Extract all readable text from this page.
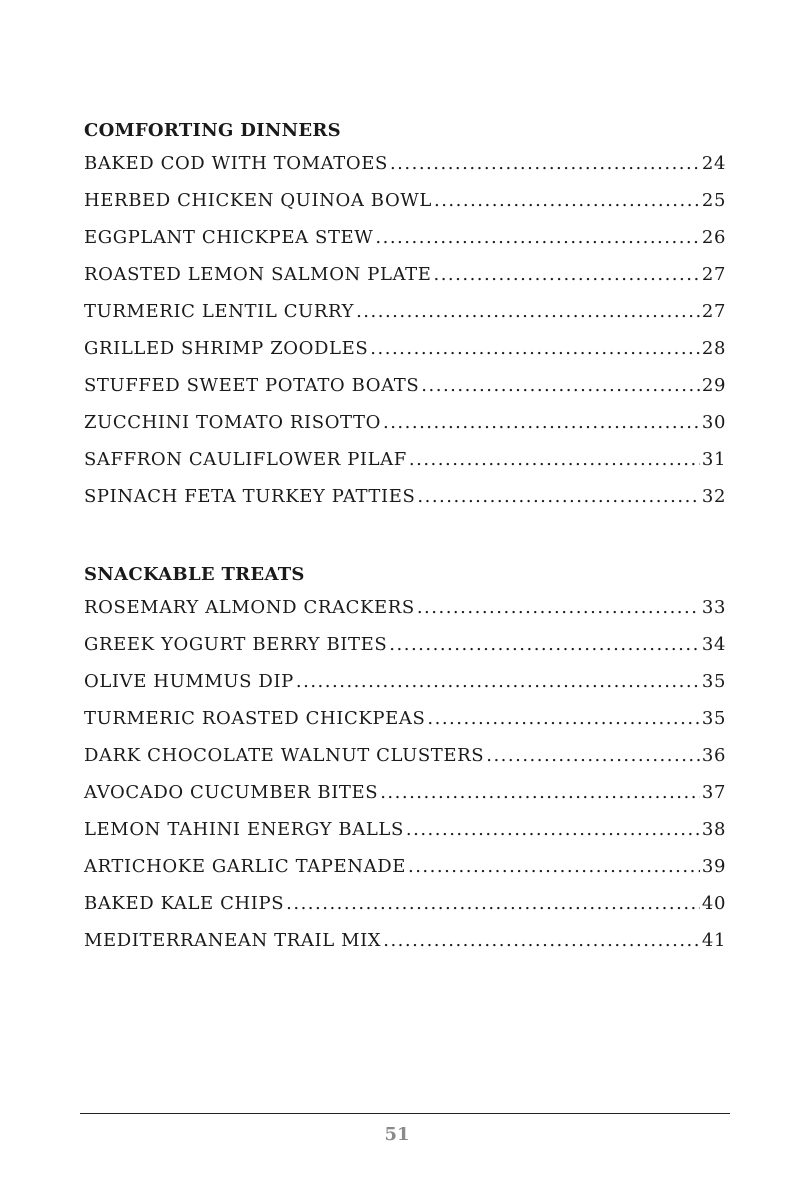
COMFORTING DINNERS
BAKED COD WITH TOMATOES .....	24
HERBED CHICKEN QUINOA BOWL .....	25
EGGPLANT CHICKPEA STEW .....	26
ROASTED LEMON SALMON PLATE .....	27
TURMERIC LENTIL CURRY .....	27
GRILLED SHRIMP ZOODLES .....	28
STUFFED SWEET POTATO BOATS .....	29
ZUCCHINI TOMATO RISOTTO .....	30
SAFFRON CAULIFLOWER PILAF .....	31
SPINACH FETA TURKEY PATTIES .....	32
SNACKABLE TREATS
ROSEMARY ALMOND CRACKERS .....	33
GREEK YOGURT BERRY BITES .....	34
OLIVE HUMMUS DIP .....	35
TURMERIC ROASTED CHICKPEAS .....	35
DARK CHOCOLATE WALNUT CLUSTERS .....	36
AVOCADO CUCUMBER BITES .....	37
LEMON TAHINI ENERGY BALLS .....	38
ARTICHOKE GARLIC TAPENADE .....	39
BAKED KALE CHIPS .....	40
MEDITERRANEAN TRAIL MIX .....	41
51
